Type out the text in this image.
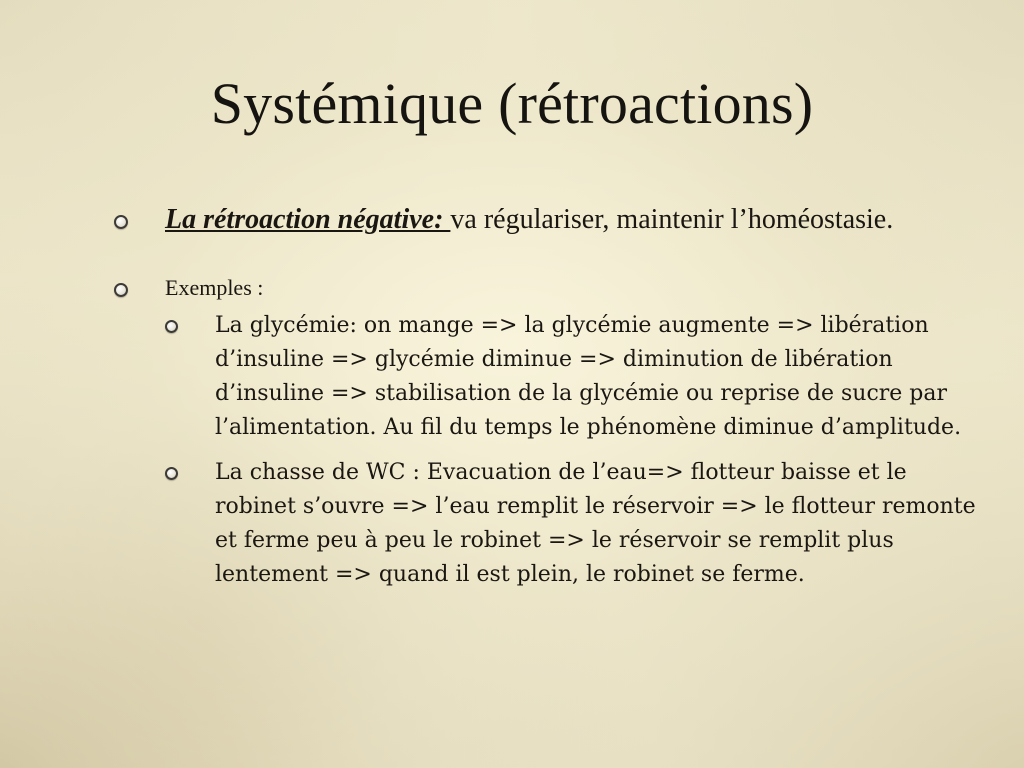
Systémique (rétroactions)
La rétroaction négative: va régulariser, maintenir l’homéostasie.
Exemples :
La glycémie: on mange => la glycémie augmente => libération d’insuline => glycémie diminue => diminution de libération d’insuline => stabilisation de la glycémie ou reprise de sucre par l’alimentation. Au fil du temps le phénomène diminue d’amplitude.
La chasse de WC : Evacuation de l’eau=> flotteur baisse et le robinet s’ouvre => l’eau remplit le réservoir => le flotteur remonte et ferme peu à peu le robinet => le réservoir se remplit plus lentement => quand il est plein, le robinet se ferme.
